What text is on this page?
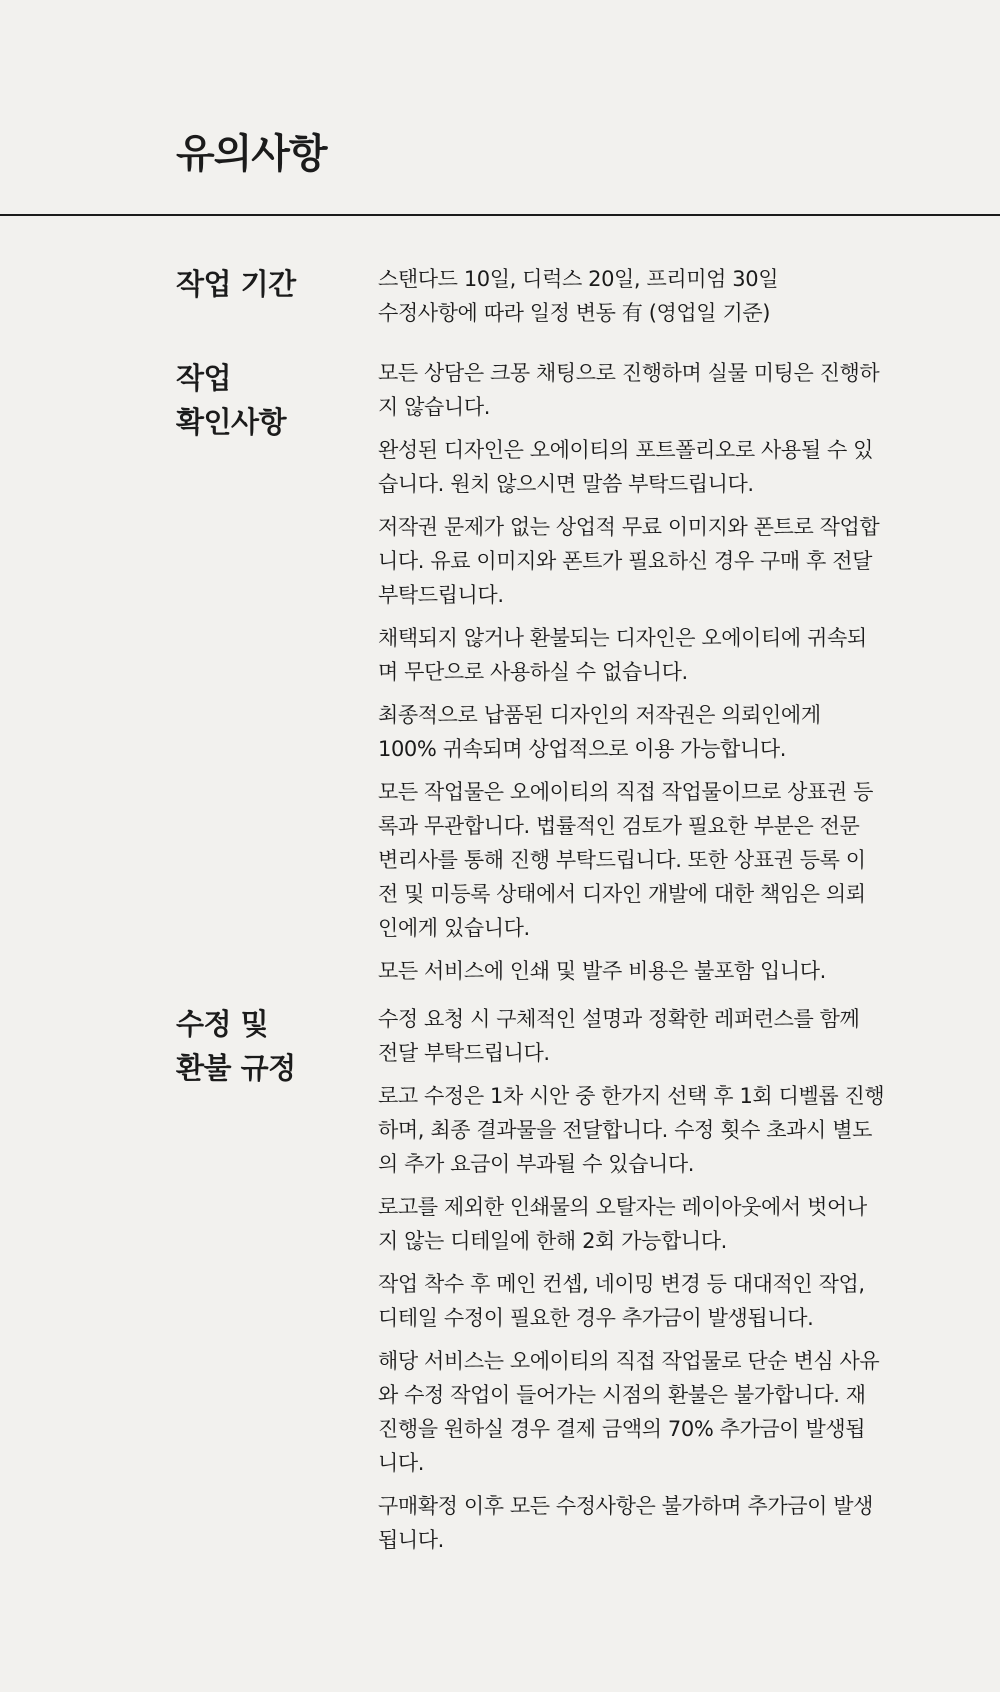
유의사항
작업 기간	스탠다드 10일, 디럭스 20일, 프리미엄 30일
수정사항에 따라 일정 변동 有 (영업일 기준)

작업
확인사항

모든 상담은 크몽 채팅으로 진행하며 실물 미팅은 진행하
지 않습니다.

완성된 디자인은 오에이티의 포트폴리오로 사용될 수 있
습니다. 원치 않으시면 말씀 부탁드립니다.

저작권 문제가 없는 상업적 무료 이미지와 폰트로 작업합
니다. 유료 이미지와 폰트가 필요하신 경우 구매 후 전달
부탁드립니다.

채택되지 않거나 환불되는 디자인은 오에이티에 귀속되
며 무단으로 사용하실 수 없습니다.

최종적으로 납품된 디자인의 저작권은 의뢰인에게
100% 귀속되며 상업적으로 이용 가능합니다.

모든 작업물은 오에이티의 직접 작업물이므로 상표권 등
록과 무관합니다. 법률적인 검토가 필요한 부분은 전문
변리사를 통해 진행 부탁드립니다. 또한 상표권 등록 이
전 및 미등록 상태에서 디자인 개발에 대한 책임은 의뢰
인에게 있습니다.

모든 서비스에 인쇄 및 발주 비용은 불포함 입니다.

수정 및
환불 규정

수정 요청 시 구체적인 설명과 정확한 레퍼런스를 함께
전달 부탁드립니다.

로고 수정은 1차 시안 중 한가지 선택 후 1회 디벨롭 진행
하며, 최종 결과물을 전달합니다. 수정 횟수 초과시 별도
의 추가 요금이 부과될 수 있습니다.

로고를 제외한 인쇄물의 오탈자는 레이아웃에서 벗어나
지 않는 디테일에 한해 2회 가능합니다.

작업 착수 후 메인 컨셉, 네이밍 변경 등 대대적인 작업,
디테일 수정이 필요한 경우 추가금이 발생됩니다.

해당 서비스는 오에이티의 직접 작업물로 단순 변심 사유
와 수정 작업이 들어가는 시점의 환불은 불가합니다. 재
진행을 원하실 경우 결제 금액의 70% 추가금이 발생됩
니다.

구매확정 이후 모든 수정사항은 불가하며 추가금이 발생
됩니다.
